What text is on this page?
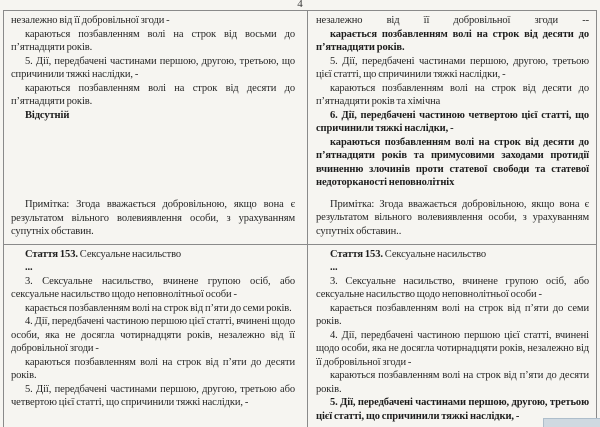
4

незалежно від її добровільної згоди -

караються позбавленням волі на строк від восьми до п’ятнадцяти років.

5. Дії, передбачені частинами першою, другою, третьою, що спричинили тяжкі наслідки, -

караються позбавленням волі на строк від десяти до п’ятнадцяти років.

Відсутній

Примітка: Згода вважається добровільною, якщо вона є результатом вільного волевиявлення особи, з урахуванням супутніх обставин.

незалежно від її добровільної згоди --

карається позбавленням волі на строк від десяти до п’ятнадцяти років.

5. Дії, передбачені частинами першою, другою, третьою цієї статті, що спричинили тяжкі наслідки, -

караються позбавленням волі на строк від десяти до п’ятнадцяти років та хімічна

6. Дії, передбачені частиною четвертою цієї статті, що спричинили тяжкі наслідки, -

караються позбавленням волі на строк від десяти до п’ятнадцяти років та примусовими заходами протидії вчиненню злочинів проти статевої свободи та статевої недоторканості неповнолітніх

Примітка: Згода вважається добровільною, якщо вона є результатом вільного волевиявлення особи, з урахуванням супутніх обставин..

Стаття 153. Сексуальне насильство

...

3. Сексуальне насильство, вчинене групою осіб, або сексуальне насильство щодо неповнолітньої особи -

карається позбавленням волі на строк від п’яти до семи років.

4. Дії, передбачені частиною першою цієї статті, вчинені щодо особи, яка не досягла чотирнадцяти років, незалежно від її добровільної згоди -

караються позбавленням волі на строк від п’яти до десяти років.

5. Дії, передбачені частинами першою, другою, третьою або четвертою цієї статті, що спричинили тяжкі наслідки, -

Стаття 153. Сексуальне насильство

...

3. Сексуальне насильство, вчинене групою осіб, або сексуальне насильство щодо неповнолітньої особи -

карається позбавленням волі на строк від п’яти до семи років.

4. Дії, передбачені частиною першою цієї статті, вчинені щодо особи, яка не досягла чотирнадцяти років, незалежно від її добровільної згоди -

караються позбавленням волі на строк від п’яти до десяти років.

5. Дії, передбачені частинами першою, другою, третьою цієї статті, що спричинили тяжкі наслідки, -
